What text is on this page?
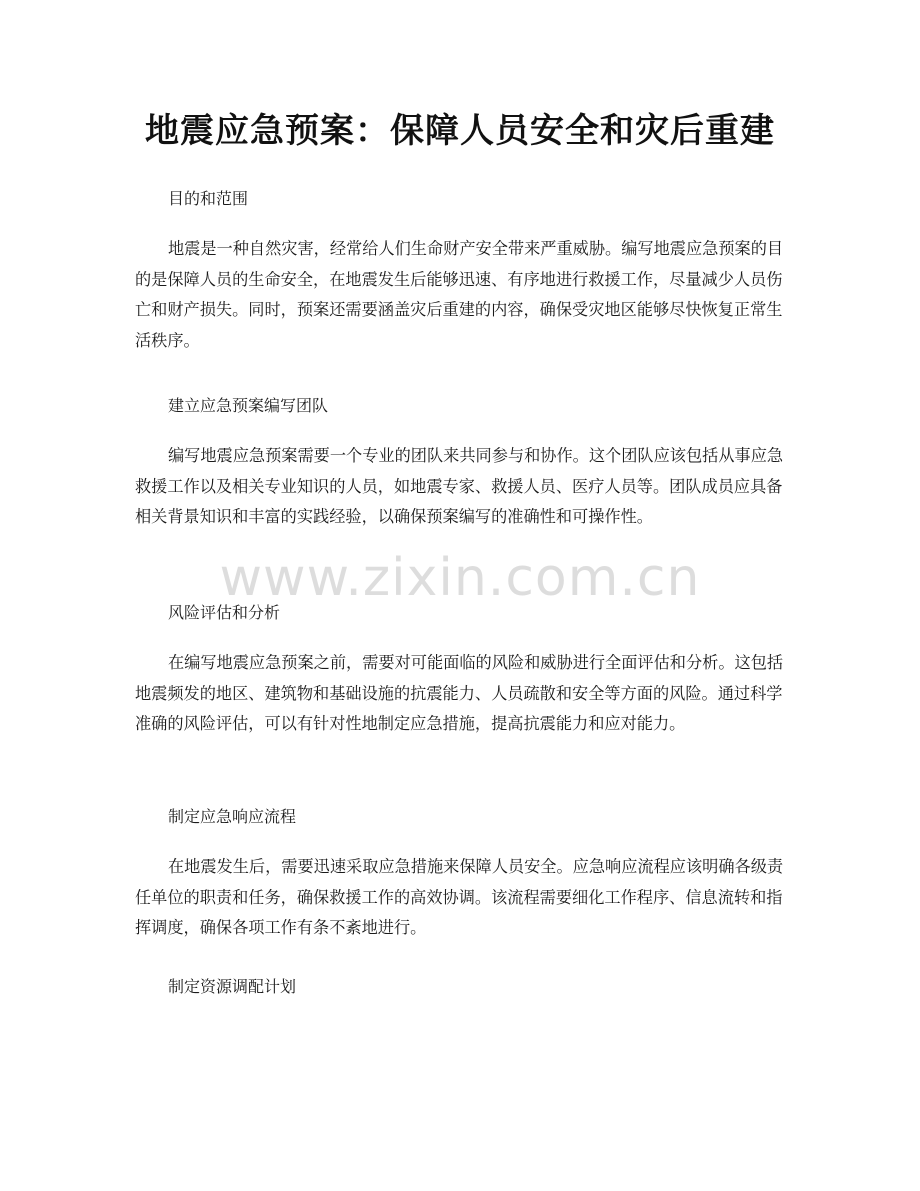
地震应急预案：保障人员安全和灾后重建

目的和范围

地震是一种自然灾害，经常给人们生命财产安全带来严重威胁。编写地震应急预案的目的是保障人员的生命安全，在地震发生后能够迅速、有序地进行救援工作，尽量减少人员伤亡和财产损失。同时，预案还需要涵盖灾后重建的内容，确保受灾地区能够尽快恢复正常生活秩序。

建立应急预案编写团队

编写地震应急预案需要一个专业的团队来共同参与和协作。这个团队应该包括从事应急救援工作以及相关专业知识的人员，如地震专家、救援人员、医疗人员等。团队成员应具备相关背景知识和丰富的实践经验，以确保预案编写的准确性和可操作性。

风险评估和分析

在编写地震应急预案之前，需要对可能面临的风险和威胁进行全面评估和分析。这包括地震频发的地区、建筑物和基础设施的抗震能力、人员疏散和安全等方面的风险。通过科学准确的风险评估，可以有针对性地制定应急措施，提高抗震能力和应对能力。

制定应急响应流程

在地震发生后，需要迅速采取应急措施来保障人员安全。应急响应流程应该明确各级责任单位的职责和任务，确保救援工作的高效协调。该流程需要细化工作程序、信息流转和指挥调度，确保各项工作有条不紊地进行。

制定资源调配计划

www.zixin.com.cn
